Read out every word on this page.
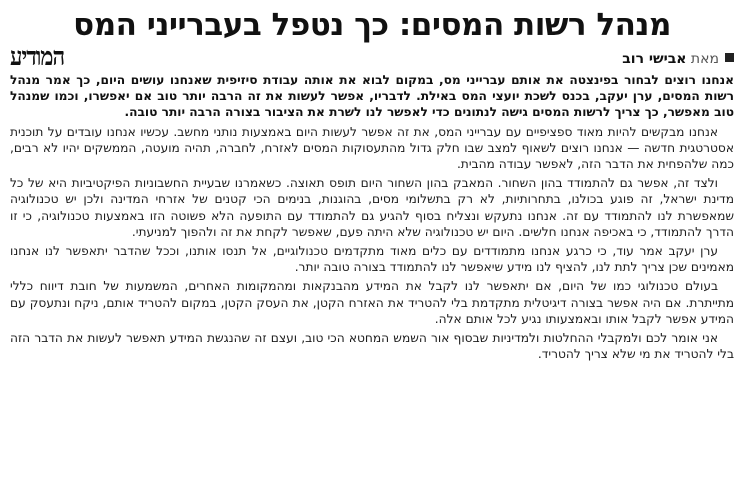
מנהל רשות המסים: כך נטפל בעברייני המס
מאת אבישי רוב
המודיע

אנחנו רוצים לבחור בפינצטה את אותם עברייני מס, במקום לבוא את אותה עבודת סיזיפית שאנחנו עושים היום, כך אמר מנהל רשות המסים, ערן יעקב, בכנס לשכת יועצי המס באילת. לדבריו, אפשר לעשות את זה הרבה יותר טוב אם יאפשרו, וכמו שמנהל טוב מאפשר, כך צריך לרשות המסים גישה לנתונים כדי לאפשר לנו לשרת את הציבור בצורה הרבה יותר טובה.

אנחנו מבקשים להיות מאוד ספציפיים עם עברייני המס, את זה אפשר לעשות היום באמצעות נותני מחשב. עכשיו אנחנו עובדים על תוכנית אסטרטגית חדשה — אנחנו רוצים לשאוף למצב שבו חלק גדול מהתעסוקות המסים לאזרח, לחברה, תהיה מועטה, הממשקים יהיו לא רבים, כמה שלהפחית את הדבר הזה, לאפשר עבודה מהבית.

ולצד זה, אפשר גם להתמודד בהון השחור. המאבק בהון השחור היום תופס תאוצה. כשאמרנו שבעיית החשבוניות הפיקטיביות היא של כל מדינת ישראל, זה פוגע בכולנו, בתחרותיות, לא רק בתשלומי מסים, בהוגנות, בנימים הכי קטנים של אזרחי המדינה ולכן יש טכנולוגיה שמאפשרת לנו להתמודד עם זה. אנחנו נתעקש ונצליח בסוף להגיע גם להתמודד עם התופעה הלא פשוטה הזו באמצעות טכנולוגיה, כי זו הדרך להתמודד, כי באכיפה אנחנו חלשים. היום יש טכנולוגיה שלא היתה פעם, שאפשר לקחת את זה ולהפוך למניעתי.

ערן יעקב אמר עוד, כי כרגע אנחנו מתמודדים עם כלים מאוד מתקדמים טכנולוגיים, אל תנסו אותנו, וככל שהדבר יתאפשר לנו אנחנו מאמינים שכן צריך לתת לנו, להציף לנו מידע שיאפשר לנו להתמודד בצורה טובה יותר.

בעולם טכנולוגי כמו של היום, אם יתאפשר לנו לקבל את המידע מהבנקאות ומהמקומות האחרים, המשמעות של חובת דיווח כללי מתייתרת. אם היה אפשר בצורה דיגיטלית מתקדמת בלי להטריד את האזרח הקטן, את העסק הקטן, במקום להטריד אותם, ניקח ונתעסק עם המידע אפשר לקבל אותו ובאמצעותו נגיע לכל אותם אלה.

אני אומר לכם ולמקבלי ההחלטות ולמדיניות שבסוף אור השמש המחטא הכי טוב, ועצם זה שהנגשת המידע תאפשר לעשות את הדבר הזה בלי להטריד את מי שלא צריך להטריד.
